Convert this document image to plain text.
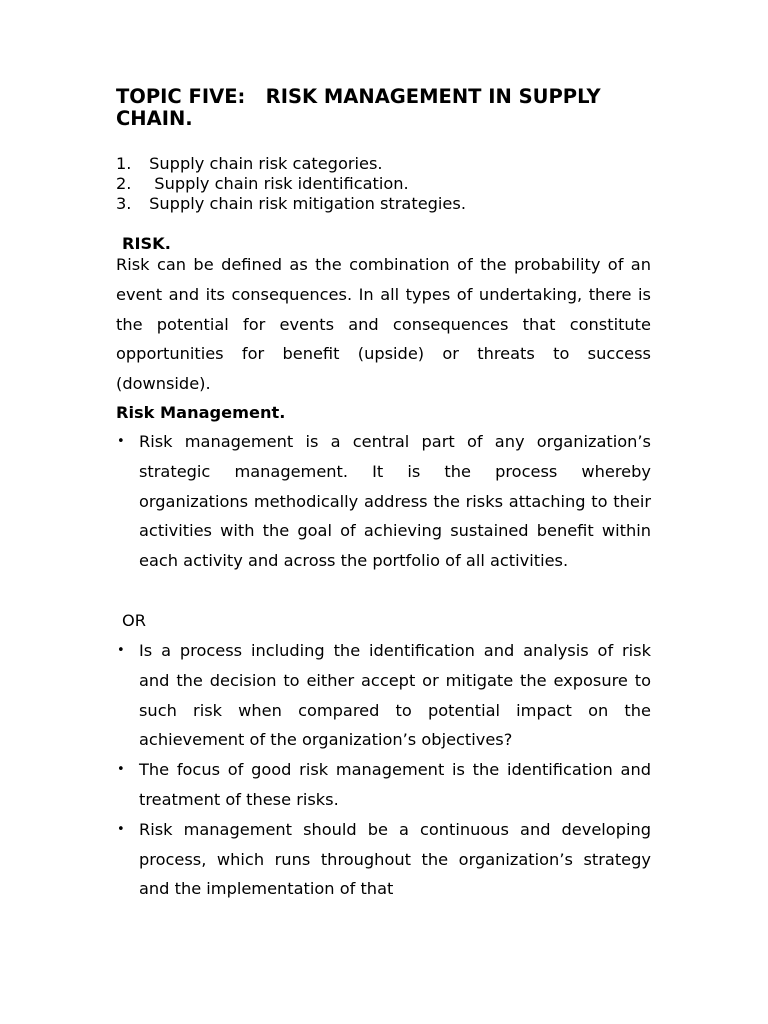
TOPIC FIVE:   RISK MANAGEMENT IN SUPPLY CHAIN.
1. Supply chain risk categories.
2. Supply chain risk identification.
3. Supply chain risk mitigation strategies.
RISK.

Risk can be defined as the combination of the probability of an event and its consequences. In all types of undertaking, there is the potential for events and consequences that constitute opportunities for benefit (upside) or threats to success (downside).

Risk Management.
• Risk management is a central part of any organization’s strategic management. It is the process whereby organizations methodically address the risks attaching to their activities with the goal of achieving sustained benefit within each activity and across the portfolio of all activities.

OR

• Is a process including the identification and analysis of risk and the decision to either accept or mitigate the exposure to such risk when compared to potential impact on the achievement of the organization’s objectives?
• The focus of good risk management is the identification and treatment of these risks.
• Risk management should be a continuous and developing process, which runs throughout the organization’s strategy and the implementation of that
